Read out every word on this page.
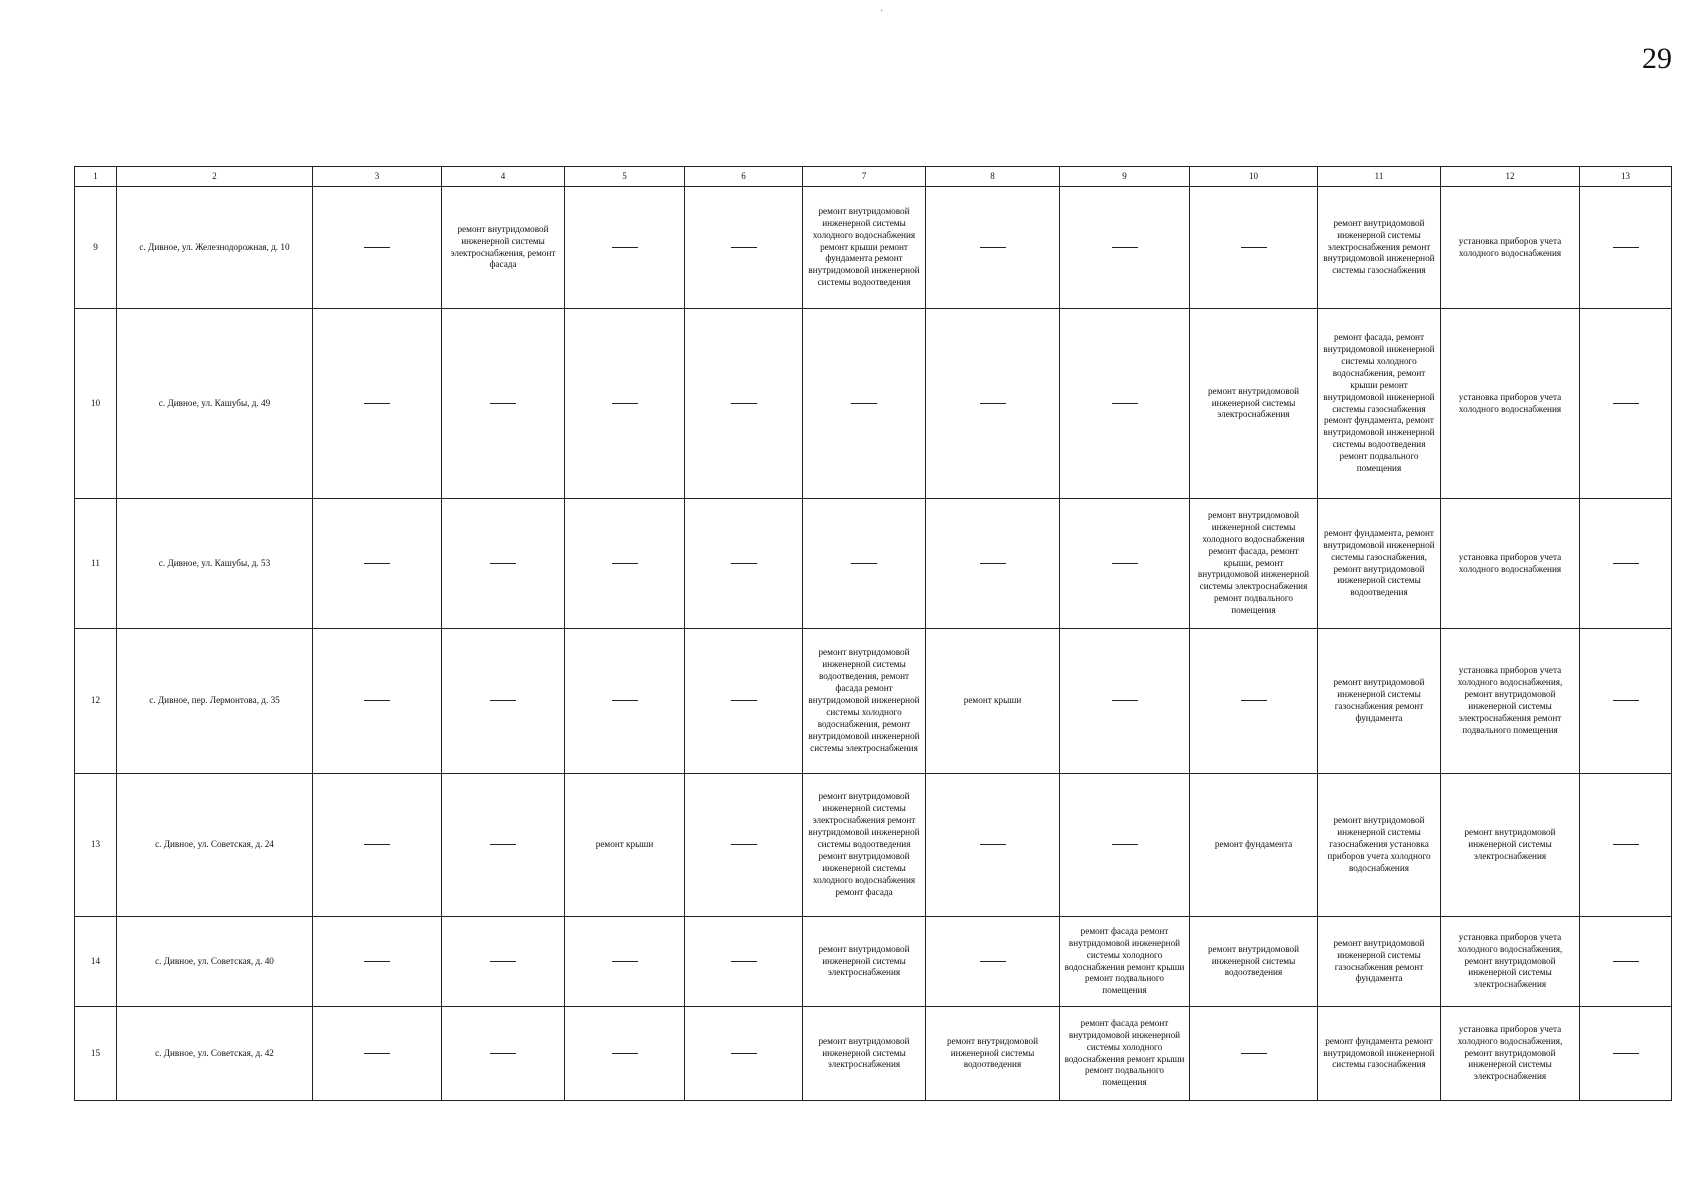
·
29
1	2	3	4	5	6	7	8	9	10	11	12	13
9	с. Дивное, ул. Железнодорожная, д. 10		ремонт внутридомовой инженерной системы электроснабжения, ремонт фасада			ремонт внутридомовой инженерной системы холодного водоснабжения ремонт крыши ремонт фундамента ремонт внутридомовой инженерной системы водоотведения				ремонт внутридомовой инженерной системы электроснабжения ремонт внутридомовой инженерной системы газоснабжения	установка приборов учета холодного водоснабжения	
10	с. Дивное, ул. Кашубы, д. 49								ремонт внутридомовой инженерной системы электроснабжения	ремонт фасада, ремонт внутридомовой инженерной системы холодного водоснабжения, ремонт крыши ремонт внутридомовой инженерной системы газоснабжения ремонт фундамента, ремонт внутридомовой инженерной системы водоотведения ремонт подвального помещения	установка приборов учета холодного водоснабжения	
11	с. Дивное, ул. Кашубы, д. 53								ремонт внутридомовой инженерной системы холодного водоснабжения ремонт фасада, ремонт крыши, ремонт внутридомовой инженерной системы электроснабжения ремонт подвального помещения	ремонт фундамента, ремонт внутридомовой инженерной системы газоснабжения, ремонт внутридомовой инженерной системы водоотведения	установка приборов учета холодного водоснабжения	
12	с. Дивное, пер. Лермонтова, д. 35					ремонт внутридомовой инженерной системы водоотведения, ремонт фасада ремонт внутридомовой инженерной системы холодного водоснабжения, ремонт внутридомовой инженерной системы электроснабжения	ремонт крыши			ремонт внутридомовой инженерной системы газоснабжения ремонт фундамента	установка приборов учета холодного водоснабжения, ремонт внутридомовой инженерной системы электроснабжения ремонт подвального помещения	
13	с. Дивное, ул. Советская, д. 24			ремонт крыши		ремонт внутридомовой инженерной системы электроснабжения ремонт внутридомовой инженерной системы водоотведения ремонт внутридомовой инженерной системы холодного водоснабжения ремонт фасада			ремонт фундамента	ремонт внутридомовой инженерной системы газоснабжения установка приборов учета холодного водоснабжения	ремонт внутридомовой инженерной системы электроснабжения	
14	с. Дивное, ул. Советская, д. 40					ремонт внутридомовой инженерной системы электроснабжения		ремонт фасада ремонт внутридомовой инженерной системы холодного водоснабжения ремонт крыши ремонт подвального помещения	ремонт внутридомовой инженерной системы водоотведения	ремонт внутридомовой инженерной системы газоснабжения ремонт фундамента	установка приборов учета холодного водоснабжения, ремонт внутридомовой инженерной системы электроснабжения	
15	с. Дивное, ул. Советская, д. 42					ремонт внутридомовой инженерной системы электроснабжения	ремонт внутридомовой инженерной системы водоотведения	ремонт фасада ремонт внутридомовой инженерной системы холодного водоснабжения ремонт крыши ремонт подвального помещения		ремонт фундамента ремонт внутридомовой инженерной системы газоснабжения	установка приборов учета холодного водоснабжения, ремонт внутридомовой инженерной системы электроснабжения	
